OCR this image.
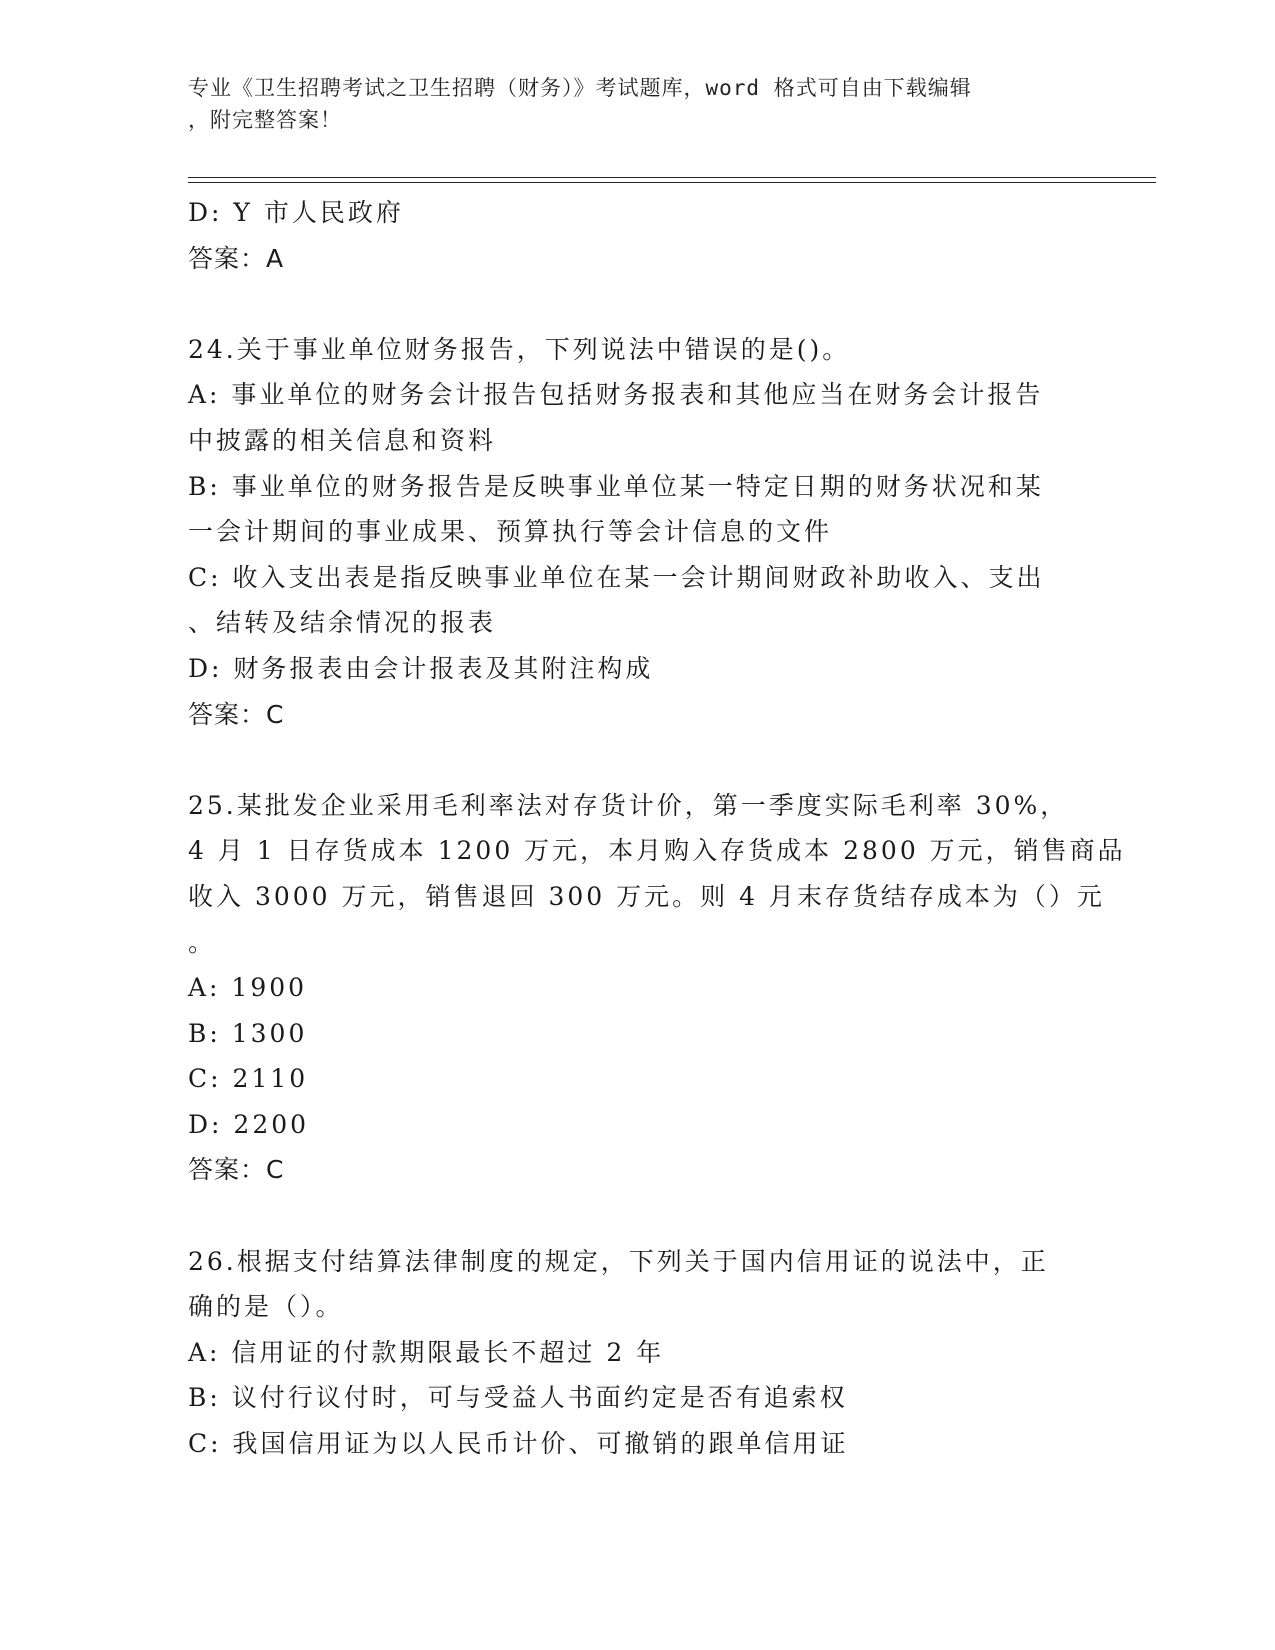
专业《卫生招聘考试之卫生招聘（财务）》考试题库，word 格式可自由下载编辑
，附完整答案！
D: Y 市人民政府
答案：A
24.关于事业单位财务报告，下列说法中错误的是()。
A: 事业单位的财务会计报告包括财务报表和其他应当在财务会计报告
中披露的相关信息和资料
B: 事业单位的财务报告是反映事业单位某一特定日期的财务状况和某
一会计期间的事业成果、预算执行等会计信息的文件
C: 收入支出表是指反映事业单位在某一会计期间财政补助收入、支出
、结转及结余情况的报表
D: 财务报表由会计报表及其附注构成
答案：C
25.某批发企业采用毛利率法对存货计价，第一季度实际毛利率 30%，
4 月 1 日存货成本 1200 万元，本月购入存货成本 2800 万元，销售商品
收入 3000 万元，销售退回 300 万元。则 4 月末存货结存成本为（）元
。
A: 1900
B: 1300
C: 2110
D: 2200
答案：C
26.根据支付结算法律制度的规定，下列关于国内信用证的说法中，正
确的是（）。
A: 信用证的付款期限最长不超过 2 年
B: 议付行议付时，可与受益人书面约定是否有追索权
C: 我国信用证为以人民币计价、可撤销的跟单信用证
